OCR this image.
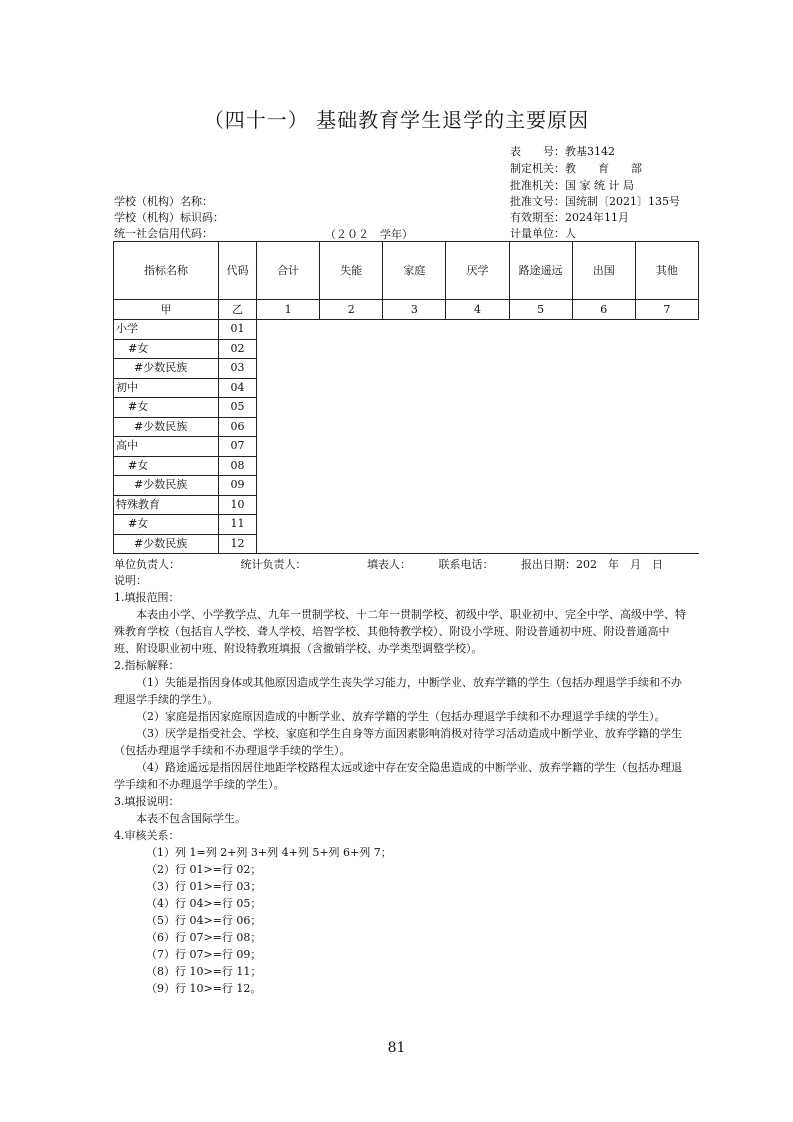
（四十一） 基础教育学生退学的主要原因
表　　号：教基3142
制定机关：教　　育　　部
批准机关：国 家 统 计 局
批准文号：国统制〔2021〕135号
有效期至：2024年11月
计量单位：人
学校（机构）名称：
学校（机构）标识码：
统一社会信用代码：	（２０２　学年）
指标名称	代码	合计	失能	家庭	厌学	路途遥远	出国	其他
甲	乙	1	2	3	4	5	6	7
小学	01							
#女	02							
#少数民族	03							
初中	04							
#女	05							
#少数民族	06							
高中	07							
#女	08							
#少数民族	09							
特殊教育	10							
#女	11							
#少数民族	12							
单位负责人：　　　　　　统计负责人：　　　　　　填表人：　　　联系电话：　　　报出日期：202　年　月　日

说明：

1.填报范围：

本表由小学、小学教学点、九年一贯制学校、十二年一贯制学校、初级中学、职业初中、完全中学、高级中学、特殊教育学校（包括盲人学校、聋人学校、培智学校、其他特教学校）、附设小学班、附设普通初中班、附设普通高中班、附设职业初中班、附设特教班填报（含撤销学校、办学类型调整学校）。

2.指标解释：

（1）失能是指因身体或其他原因造成学生丧失学习能力，中断学业、放弃学籍的学生（包括办理退学手续和不办理退学手续的学生）。

（2）家庭是指因家庭原因造成的中断学业、放弃学籍的学生（包括办理退学手续和不办理退学手续的学生）。

（3）厌学是指受社会、学校、家庭和学生自身等方面因素影响消极对待学习活动造成中断学业、放弃学籍的学生（包括办理退学手续和不办理退学手续的学生）。

（4）路途遥远是指因居住地距学校路程太远或途中存在安全隐患造成的中断学业、放弃学籍的学生（包括办理退学手续和不办理退学手续的学生）。

3.填报说明：

本表不包含国际学生。

4.审核关系：

（1）列 1=列 2+列 3+列 4+列 5+列 6+列 7；

（2）行 01>=行 02；

（3）行 01>=行 03；

（4）行 04>=行 05；

（5）行 04>=行 06；

（6）行 07>=行 08；

（7）行 07>=行 09；

（8）行 10>=行 11；

（9）行 10>=行 12。

81
